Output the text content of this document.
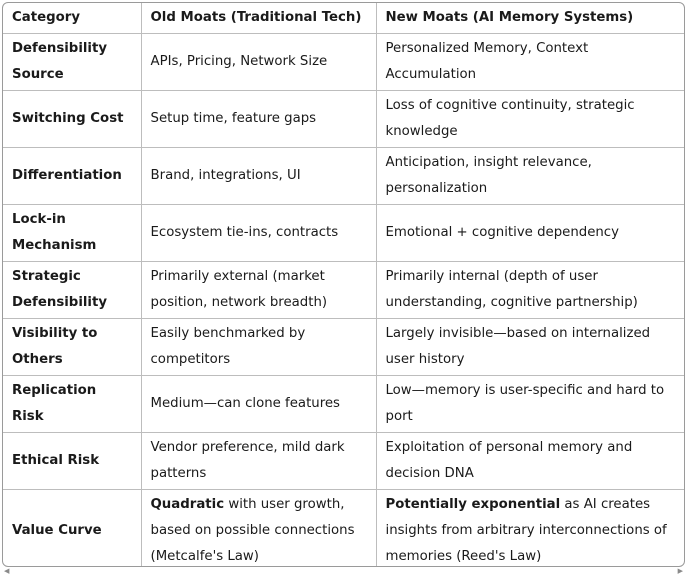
Category	Old Moats (Traditional Tech)	New Moats (AI Memory Systems)
Defensibility Source	APIs, Pricing, Network Size	Personalized Memory, Context Accumulation
Switching Cost	Setup time, feature gaps	Loss of cognitive continuity, strategic knowledge
Differentiation	Brand, integrations, UI	Anticipation, insight relevance, personalization
Lock-in Mechanism	Ecosystem tie-ins, contracts	Emotional + cognitive dependency
Strategic Defensibility	Primarily external (market position, network breadth)	Primarily internal (depth of user understanding, cognitive partnership)
Visibility to Others	Easily benchmarked by competitors	Largely invisible—based on internalized user history
Replication Risk	Medium—can clone features	Low—memory is user-specific and hard to port
Ethical Risk	Vendor preference, mild dark patterns	Exploitation of personal memory and decision DNA
Value Curve	Quadratic with user growth, based on possible connections (Metcalfe's Law)	Potentially exponential as AI creates insights from arbitrary interconnections of memories (Reed's Law)
◀	▶
